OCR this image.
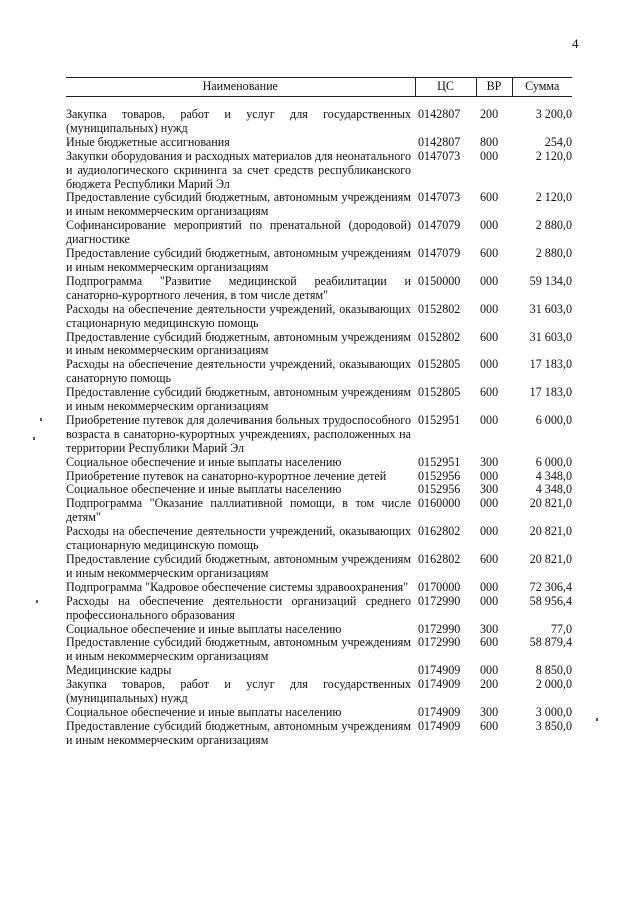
4
Наименование	ЦС	ВР	Сумма
Закупка товаров, работ и услуг для государственных (муниципальных) нужд	0142807	200	3 200,0
Иные бюджетные ассигнования	0142807	800	254,0
Закупки оборудования и расходных материалов для неонатального и аудиологического скрининга за счет средств республиканского бюджета Республики Марий Эл	0147073	000	2 120,0
Предоставление субсидий бюджетным, автономным учреждениям и иным некоммерческим организациям	0147073	600	2 120,0
Софинансирование мероприятий по пренатальной (дородовой) диагностике	0147079	000	2 880,0
Предоставление субсидий бюджетным, автономным учреждениям и иным некоммерческим организациям	0147079	600	2 880,0
Подпрограмма "Развитие медицинской реабилитации и санаторно-курортного лечения, в том числе детям"	0150000	000	59 134,0
Расходы на обеспечение деятельности учреждений, оказывающих стационарную медицинскую помощь	0152802	000	31 603,0
Предоставление субсидий бюджетным, автономным учреждениям и иным некоммерческим организациям	0152802	600	31 603,0
Расходы на обеспечение деятельности учреждений, оказывающих санаторную помощь	0152805	000	17 183,0
Предоставление субсидий бюджетным, автономным учреждениям и иным некоммерческим организациям	0152805	600	17 183,0
Приобретение путевок для долечивания больных трудоспособного возраста в санаторно-курортных учреждениях, расположенных на территории Республики Марий Эл	0152951	000	6 000,0
Социальное обеспечение и иные выплаты населению	0152951	300	6 000,0
Приобретение путевок на санаторно-курортное лечение детей	0152956	000	4 348,0
Социальное обеспечение и иные выплаты населению	0152956	300	4 348,0
Подпрограмма "Оказание паллиативной помощи, в том числе детям"	0160000	000	20 821,0
Расходы на обеспечение деятельности учреждений, оказывающих стационарную медицинскую помощь	0162802	000	20 821,0
Предоставление субсидий бюджетным, автономным учреждениям и иным некоммерческим организациям	0162802	600	20 821,0
Подпрограмма "Кадровое обеспечение системы здравоохранения"	0170000	000	72 306,4
Расходы на обеспечение деятельности организаций среднего профессионального образования	0172990	000	58 956,4
Социальное обеспечение и иные выплаты населению	0172990	300	77,0
Предоставление субсидий бюджетным, автономным учреждениям и иным некоммерческим организациям	0172990	600	58 879,4
Медицинские кадры	0174909	000	8 850,0
Закупка товаров, работ и услуг для государственных (муниципальных) нужд	0174909	200	2 000,0
Социальное обеспечение и иные выплаты населению	0174909	300	3 000,0
Предоставление субсидий бюджетным, автономным учреждениям и иным некоммерческим организациям	0174909	600	3 850,0
